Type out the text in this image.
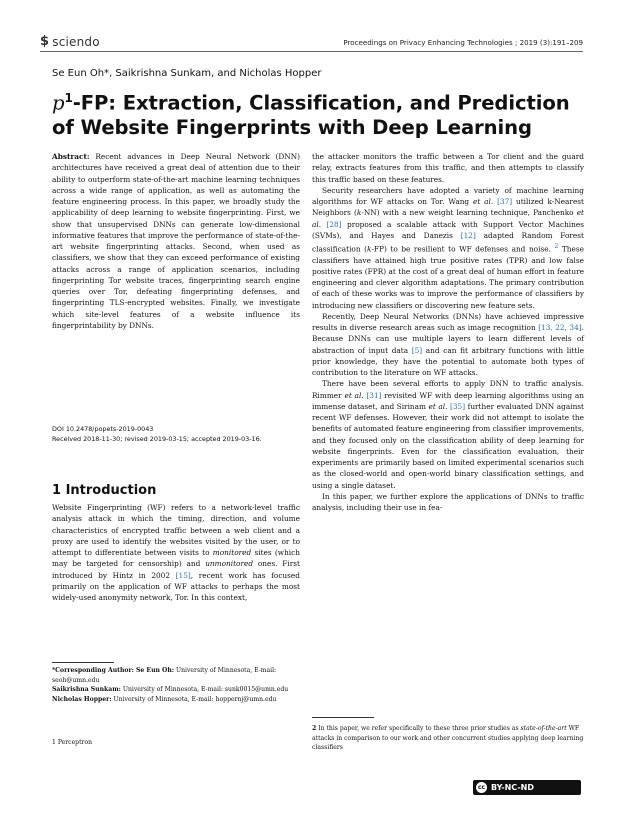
$ sciendo	Proceedings on Privacy Enhancing Technologies ; 2019 (3):191–209
Se Eun Oh*, Saikrishna Sunkam, and Nicholas Hopper
$p^1-FP$: Extraction, Classification, and Prediction of Website Fingerprints with Deep Learning

Abstract: Recent advances in Deep Neural Network (DNN) architectures have received a great deal of attention due to their ability to outperform state-of-the-art machine learning techniques across a wide range of application, as well as automating the feature engineering process. In this paper, we broadly study the applicability of deep learning to website fingerprinting. First, we show that unsupervised DNNs can generate low-dimensional informative features that improve the performance of state-of-the-art website fingerprinting attacks. Second, when used as classifiers, we show that they can exceed performance of existing attacks across a range of application scenarios, including fingerprinting Tor website traces, fingerprinting search engine queries over Tor, defeating fingerprinting defenses, and fingerprinting TLS-encrypted websites. Finally, we investigate which site-level features of a website influence its fingerprintability by DNNs.

DOI 10.2478/popets-2019-0043
Received 2018-11-30; revised 2019-03-15; accepted 2019-03-16.
1 Introduction

Website Fingerprinting (WF) refers to a network-level traffic analysis attack in which the timing, direction, and volume characteristics of encrypted traffic between a web client and a proxy are used to identify the websites visited by the user, or to attempt to differentiate between visits to monitored sites (which may be targeted for censorship) and unmonitored ones. First introduced by Hintz in 2002 [15], recent work has focused primarily on the application of WF attacks to perhaps the most widely-used anonymity network, Tor. In this context,

*Corresponding Author: Se Eun Oh: University of Minnesota, E-mail: seoh@umn.edu

Saikrishna Sunkam: University of Minnesota, E-mail: sunk0015@umn.edu

Nicholas Hopper: University of Minnesota, E-mail: hoppernj@umn.edu

1 Perceptron

the attacker monitors the traffic between a Tor client and the guard relay, extracts features from this traffic, and then attempts to classify this traffic based on these features.

Security researchers have adopted a variety of machine learning algorithms for WF attacks on Tor. Wang et al. [37] utilized k-Nearest Neighbors (k-NN) with a new weight learning technique, Panchenko et al. [28] proposed a scalable attack with Support Vector Machines (SVMs), and Hayes and Danezis [12] adapted Random Forest classification (k-FP) to be resilient to WF defenses and noise. $^2$ These classifiers have attained high true positive rates (TPR) and low false positive rates (FPR) at the cost of a great deal of human effort in feature engineering and clever algorithm adaptations. The primary contribution of each of these works was to improve the performance of classifiers by introducing new classifiers or discovering new feature sets.

Recently, Deep Neural Networks (DNNs) have achieved impressive results in diverse research areas such as image recognition [13, 22, 34]. Because DNNs can use multiple layers to learn different levels of abstraction of input data [5] and can fit arbitrary functions with little prior knowledge, they have the potential to automate both types of contribution to the literature on WF attacks.

There have been several efforts to apply DNN to traffic analysis. Rimmer et al. [31] revisited WF with deep learning algorithms using an immense dataset, and Sirinam et al. [35] further evaluated DNN against recent WF defenses. However, their work did not attempt to isolate the benefits of automated feature engineering from classifier improvements, and they focused only on the classification ability of deep learning for website fingerprints. Even for the classification evaluation, their experiments are primarily based on limited experimental scenarios such as the closed-world and open-world binary classification settings, and using a single dataset.

In this paper, we further explore the applications of DNNs to traffic analysis, including their use in fea-

2 In this paper, we refer specifically to these three prior studies as state-of-the-art WF attacks in comparison to our work and other concurrent studies applying deep learning classifiers
cc BY-NC-ND
